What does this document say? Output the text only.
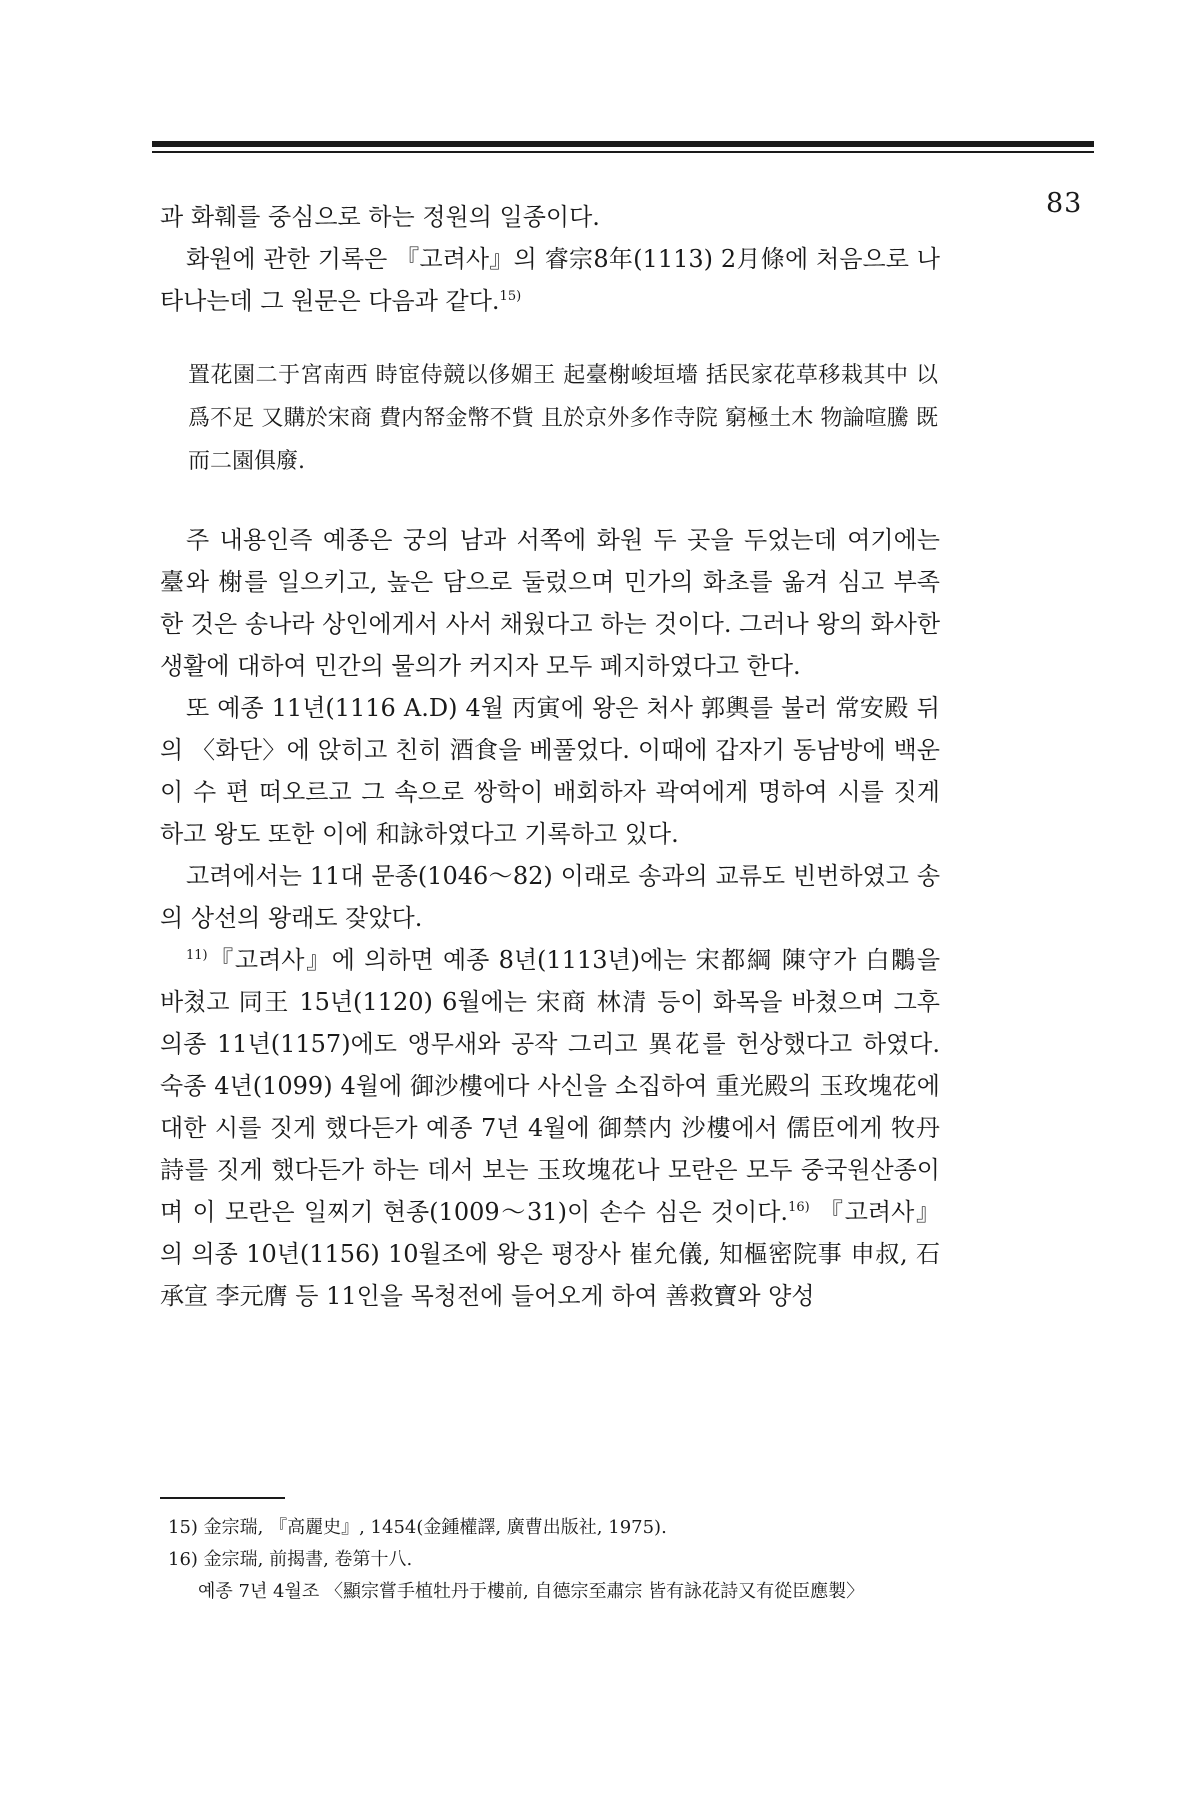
83

과 화훼를 중심으로 하는 정원의 일종이다.

화원에 관한 기록은 『고려사』의 睿宗8年(1113) 2月條에 처음으로 나타나는데 그 원문은 다음과 같다.$^{15)}$

置花園二于宮南西 時宦侍競以侈媚王 起臺榭峻垣墻 括民家花草移栽其中 以爲不足 又購於宋商 費内帑金幣不貲 且於京外多作寺院 窮極土木 物論喧騰 既而二園俱廢.

주 내용인즉 예종은 궁의 남과 서쪽에 화원 두 곳을 두었는데 여기에는 臺와 榭를 일으키고, 높은 담으로 둘렀으며 민가의 화초를 옮겨 심고 부족한 것은 송나라 상인에게서 사서 채웠다고 하는 것이다. 그러나 왕의 화사한 생활에 대하여 민간의 물의가 커지자 모두 폐지하였다고 한다.

또 예종 11년(1116 A.D) 4월 丙寅에 왕은 처사 郭輿를 불러 常安殿 뒤의 〈화단〉에 앉히고 친히 酒食을 베풀었다. 이때에 갑자기 동남방에 백운이 수 편 떠오르고 그 속으로 쌍학이 배회하자 곽여에게 명하여 시를 짓게 하고 왕도 또한 이에 和詠하였다고 기록하고 있다.

고려에서는 11대 문종(1046～82) 이래로 송과의 교류도 빈번하였고 송의 상선의 왕래도 잦았다.

$^{11)}$『고려사』에 의하면 예종 8년(1113년)에는 宋都綱 陳守가 白鷴을 바쳤고 同王 15년(1120) 6월에는 宋商 林清 등이 화목을 바쳤으며 그후 의종 11년(1157)에도 앵무새와 공작 그리고 異花를 헌상했다고 하였다. 숙종 4년(1099) 4월에 御沙樓에다 사신을 소집하여 重光殿의 玉玫塊花에 대한 시를 짓게 했다든가 예종 7년 4월에 御禁内 沙樓에서 儒臣에게 牧丹詩를 짓게 했다든가 하는 데서 보는 玉玫塊花나 모란은 모두 중국원산종이며 이 모란은 일찌기 현종(1009～31)이 손수 심은 것이다.$^{16)}$ 『고려사』의 의종 10년(1156) 10월조에 왕은 평장사 崔允儀, 知樞密院事 申叔, 石承宣 李元膺 등 11인을 목청전에 들어오게 하여 善救寶와 양성

15) 金宗瑞, 『高麗史』, 1454(金鍾權譯, 廣曹出版社, 1975).

16) 金宗瑞, 前揭書, 卷第十八.

예종 7년 4월조 〈顯宗嘗手植牡丹于樓前, 自德宗至肅宗 皆有詠花詩又有從臣應製〉
